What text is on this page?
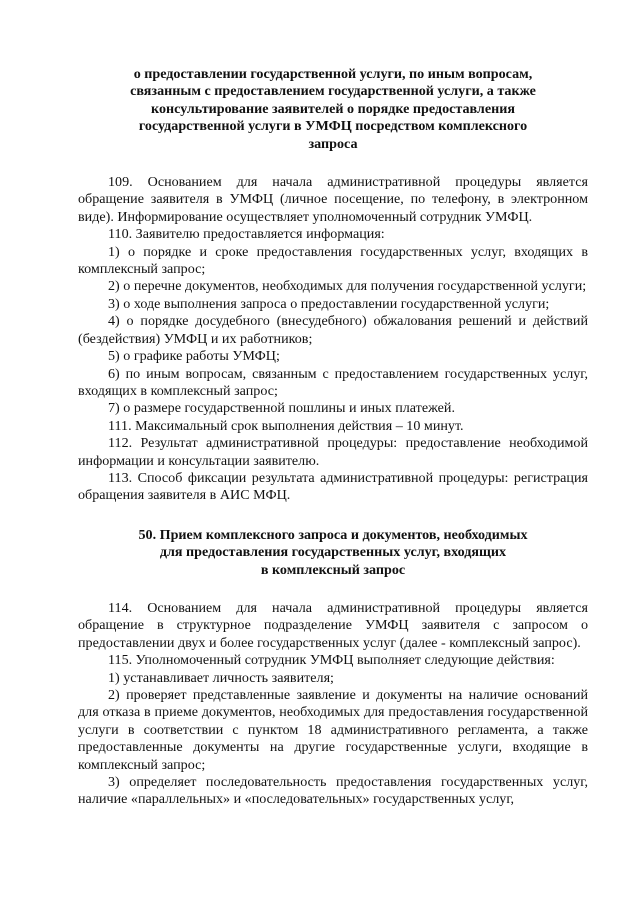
о предоставлении государственной услуги, по иным вопросам,
связанным с предоставлением государственной услуги, а также
консультирование заявителей о порядке предоставления
государственной услуги в УМФЦ посредством комплексного
запроса

109. Основанием для начала административной процедуры является обращение заявителя в УМФЦ (личное посещение, по телефону, в электронном виде). Информирование осуществляет уполномоченный сотрудник УМФЦ.

110. Заявителю предоставляется информация:

1) о порядке и сроке предоставления государственных услуг, входящих в комплексный запрос;

2) о перечне документов, необходимых для получения государственной услуги;

3) о ходе выполнения запроса о предоставлении государственной услуги;

4) о порядке досудебного (внесудебного) обжалования решений и действий (бездействия) УМФЦ и их работников;

5) о графике работы УМФЦ;

6) по иным вопросам, связанным с предоставлением государственных услуг, входящих в комплексный запрос;

7) о размере государственной пошлины и иных платежей.

111. Максимальный срок выполнения действия – 10 минут.

112. Результат административной процедуры: предоставление необходимой информации и консультации заявителю.

113. Способ фиксации результата административной процедуры: регистрация обращения заявителя в АИС МФЦ.

50. Прием комплексного запроса и документов, необходимых
для предоставления государственных услуг, входящих
в комплексный запрос

114. Основанием для начала административной процедуры является обращение в структурное подразделение УМФЦ заявителя с запросом о предоставлении двух и более государственных услуг (далее - комплексный запрос).

115. Уполномоченный сотрудник УМФЦ выполняет следующие действия:

1) устанавливает личность заявителя;

2) проверяет представленные заявление и документы на наличие оснований для отказа в приеме документов, необходимых для предоставления государственной услуги в соответствии с пунктом 18 административного регламента, а также предоставленные документы на другие государственные услуги, входящие в комплексный запрос;

3) определяет последовательность предоставления государственных услуг, наличие «параллельных» и «последовательных» государственных услуг,
